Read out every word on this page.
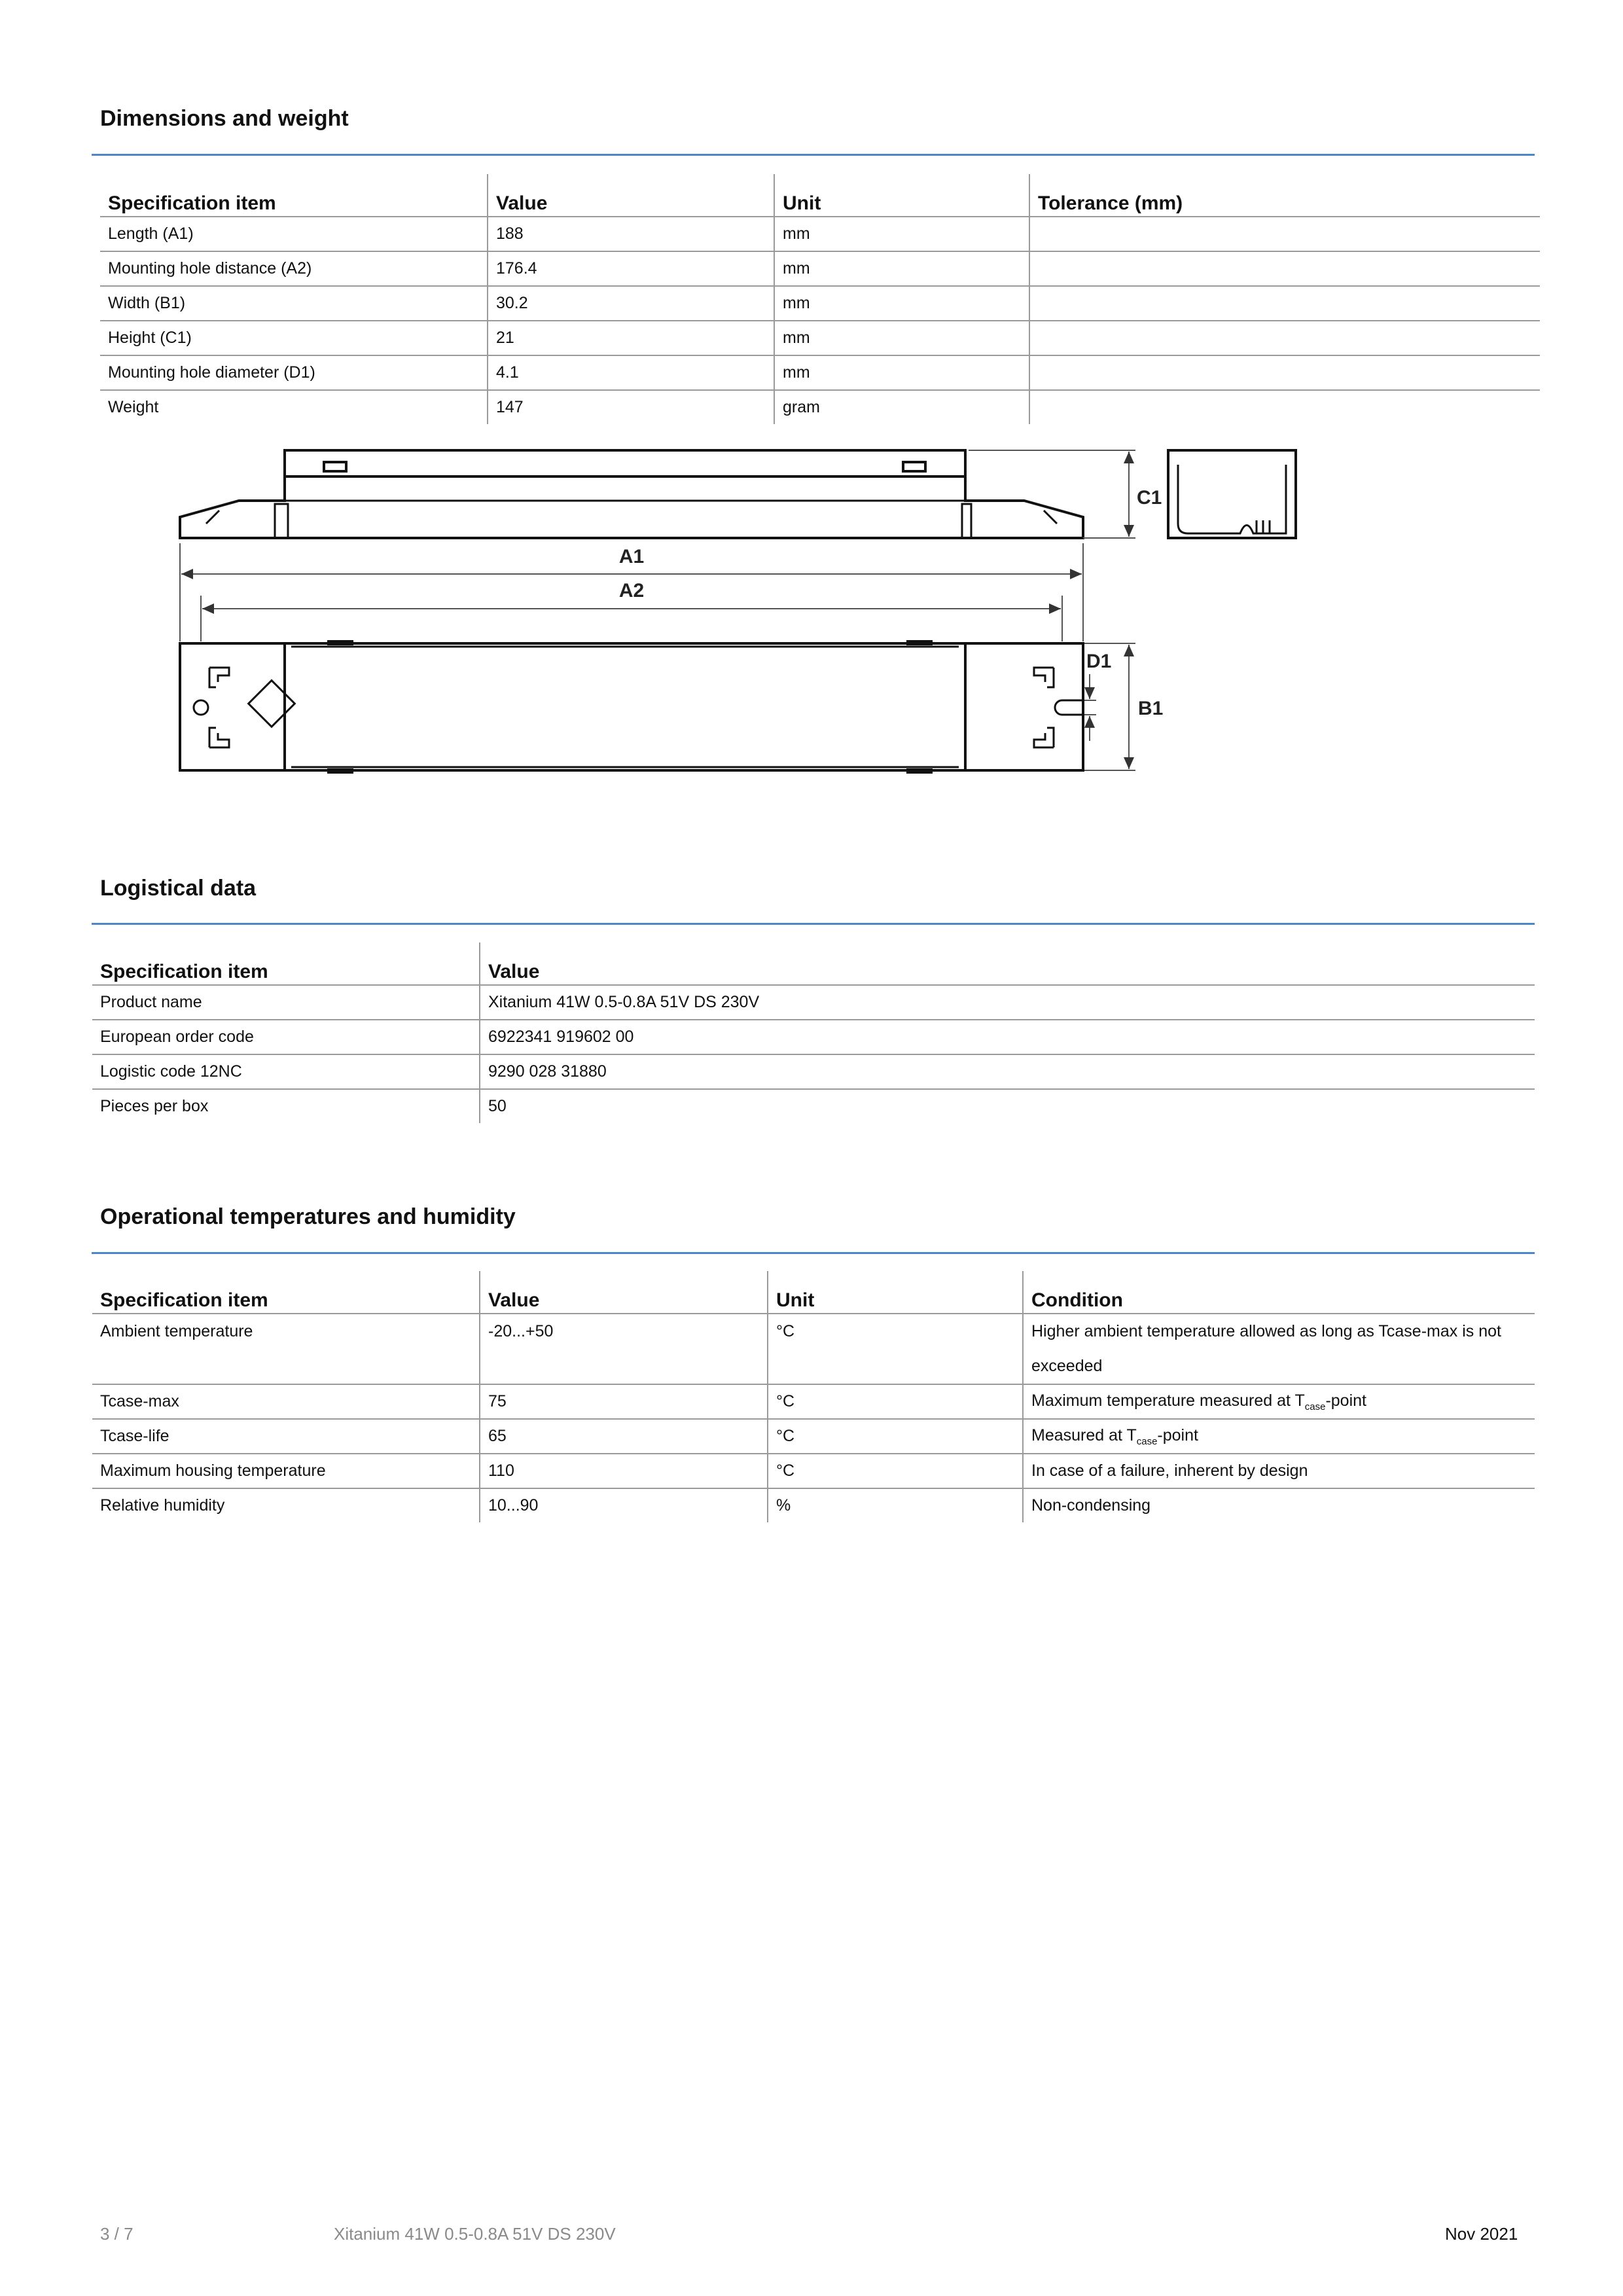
Dimensions and weight
Specification item	Value	Unit	Tolerance (mm)
Length (A1)	188	mm	
Mounting hole distance (A2)	176.4	mm	
Width (B1)	30.2	mm	
Height (C1)	21	mm	
Mounting hole diameter (D1)	4.1	mm	
Weight	147	gram	
A1
A2
C1
D1
B1
Logistical data
Specification item	Value
Product name	Xitanium 41W 0.5-0.8A 51V DS 230V
European order code	6922341 919602 00
Logistic code 12NC	9290 028 31880
Pieces per box	50
Operational temperatures and humidity
Specification item	Value	Unit	Condition
Ambient temperature	-20...+50	°C	Higher ambient temperature allowed as long as Tcase-max is not
exceeded

Tcase-max	75	°C	Maximum temperature measured at $T_{case}$-point
Tcase-life	65	°C	Measured at $T_{case}$-point
Maximum housing temperature	110	°C	In case of a failure, inherent by design
Relative humidity	10...90	%	Non-condensing
3 / 7	Xitanium 41W 0.5-0.8A 51V DS 230V	Nov 2021
